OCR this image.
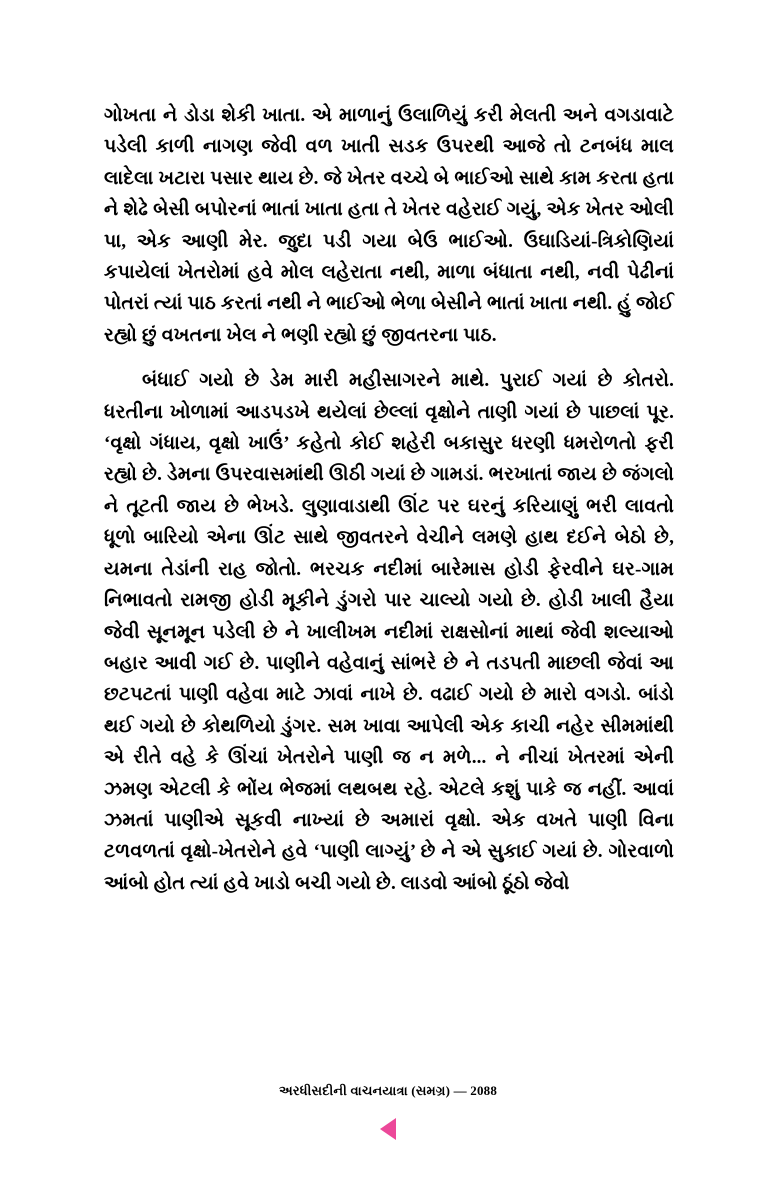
ગોખતા ને ડોડા શેકી ખાતા. એ માળાનું ઉલાળિયું કરી મેલતી અને વગડાવાટે પડેલી કાળી નાગણ જેવી વળ ખાતી સડક ઉપરથી આજે તો ટનબંધ માલ લાદેલા ખટારા પસાર થાય છે. જે ખેતર વચ્ચે બે ભાઈઓ સાથે કામ કરતા હતા ને શેઢે બેસી બપોરનાં ભાતાં ખાતા હતા તે ખેતર વહેરાઈ ગયું, એક ખેતર ઓલી પા, એક આ‌ણી મેર. જુદા પડી ગયા બેઉ ભાઈઓ. ઉઘાડિયાં-ત્રિકોણિયાં કપાયેલાં ખેતરોમાં હવે મોલ લહેરાતા નથી, માળા બંધાતા નથી, નવી પેઢીનાં પોતરાં ત્યાં પાઠ કરતાં નથી ને ભાઈઓ ભેળા બેસીને ભાતાં ખાતા નથી. હું જોઈ રહ્યો છું વખતના ખેલ ને ભણી રહ્યો છું જીવતરના પાઠ.

બંધાઈ ગયો છે ડેમ મારી મહીસાગરને માથે. પુરાઈ ગયાં છે કોતરો. ધરતીના ખોળામાં આડપડખે થયેલાં છેલ્લાં વૃક્ષોને તાણી ગયાં છે પાછલાં પૂર. ‘વૃક્ષો ગંધાય, વૃક્ષો ખાઉં’ કહેતો કોઈ શહેરી બકાસુર ધરણી ધમરોળતો ફરી રહ્યો છે. ડેમના ઉપરવાસમાંથી ઊઠી ગયાં છે ગામડાં. ભરખાતાં જાય છે જંગલો ને તૂટતી જાય છે ભેખડે. લુણાવાડાથી ઊંટ પર ઘરનું કરિયાણું ભરી લાવતો ધૂળો બારિયો એના ઊંટ સાથે જીવતરને વેચીને લમણે હાથ દઈને બેઠો છે, યમના તેડાંની રાહ જોતો. ભરચક નદીમાં બારેમાસ હોડી ફેરવીને ઘર-ગામ નિભાવતો રામજી હોડી મૂકીને ડુંગરો પાર ચાલ્યો ગયો છે. હોડી ખાલી હૈયા જેવી સૂનમૂન પડેલી છે ને ખાલીખમ નદીમાં રાક્ષસોનાં માથાં જેવી શલ્યાઓ બહાર આવી ગઈ છે. પાણીને વહેવાનું સાંભરે છે ને તડપતી માછલી જેવાં આ છટપટતાં પાણી વહેવા માટે ઝાવાં નાખે છે. વઢાઈ ગયો છે મારો વગડો. બાંડો થઈ ગયો છે કોથળિયો ડુંગર. સમ ખાવા આપેલી એક કાચી નહેર સીમમાંથી એ રીતે વહે કે ઊંચાં ખેતરોને પાણી જ ન મળે... ને નીચાં ખેતરમાં એની ઝમણ એટલી કે ભોંય ભેજમાં લથબથ રહે. એટલે કશું પાકે જ નહીં. આવાં ઝમતાં પાણીએ સૂકવી નાખ્યાં છે અમારાં વૃક્ષો. એક વખતે પાણી વિના ટળવળતાં વૃક્ષો-ખેતરોને હવે ‘પાણી લાગ્યું’ છે ને એ સુકાઈ ગયાં છે. ગોરવાળો આંબો હોત ત્યાં હવે ખાડો બચી ગયો છે. લાડવો આંબો ઠૂંઠો જેવો

અરધીસદીની વાચનયાત્રા (સમગ્ર) — 2088
